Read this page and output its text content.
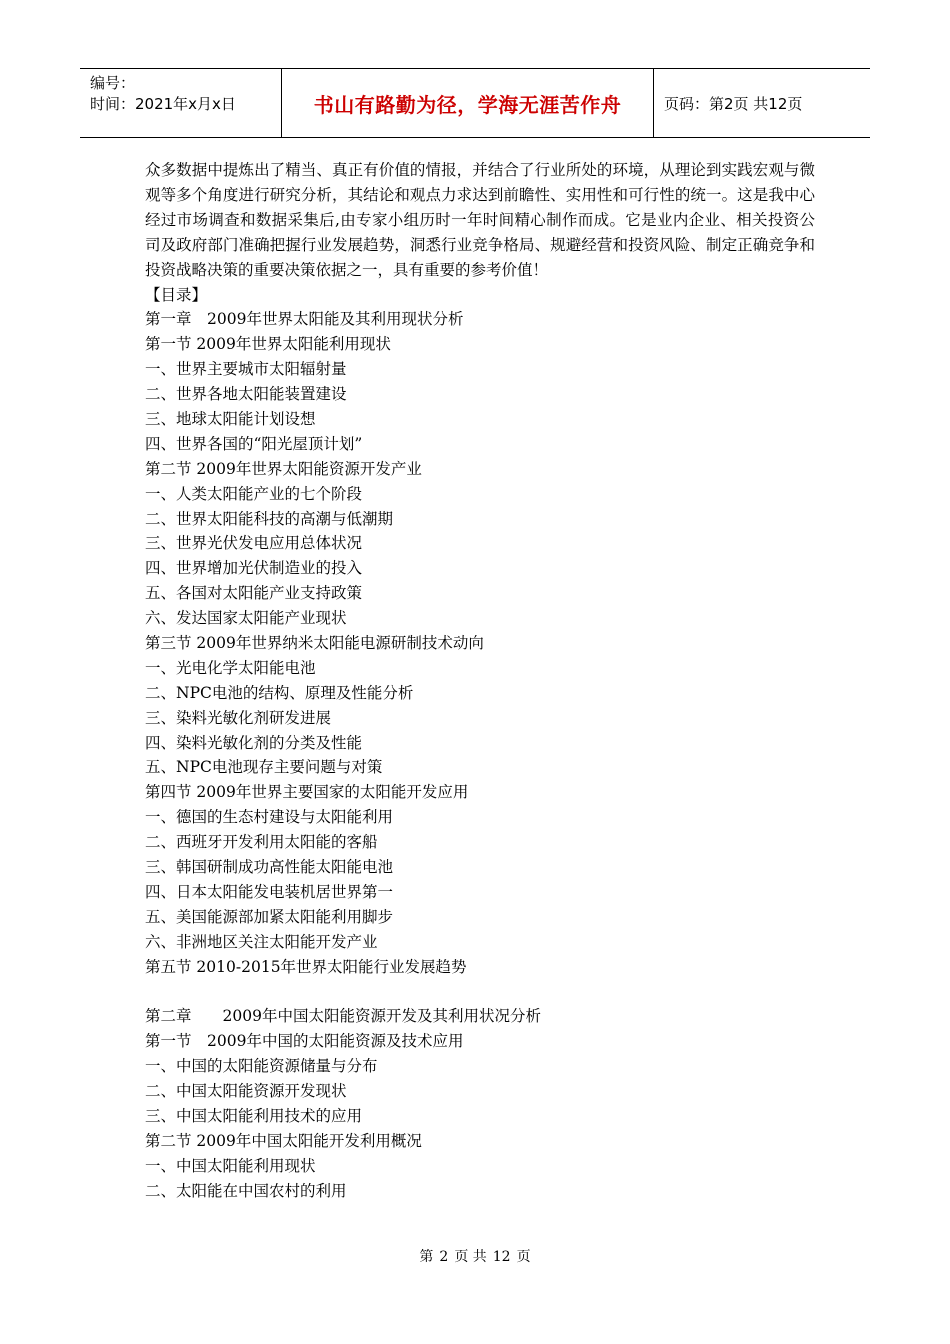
编号：
时间：2021年x月x日	书山有路勤为径，学海无涯苦作舟	页码：第2页 共12页

众多数据中提炼出了精当、真正有价值的情报，并结合了行业所处的环境，从理论到实践宏观与微观等多个角度进行研究分析，其结论和观点力求达到前瞻性、实用性和可行性的统一。这是我中心经过市场调查和数据采集后,由专家小组历时一年时间精心制作而成。它是业内企业、相关投资公司及政府部门准确把握行业发展趋势，洞悉行业竞争格局、规避经营和投资风险、制定正确竞争和投资战略决策的重要决策依据之一，具有重要的参考价值！

【目录】
第一章　2009年世界太阳能及其利用现状分析
第一节 2009年世界太阳能利用现状
一、世界主要城市太阳辐射量
二、世界各地太阳能装置建设
三、地球太阳能计划设想
四、世界各国的“阳光屋顶计划”
第二节 2009年世界太阳能资源开发产业
一、人类太阳能产业的七个阶段
二、世界太阳能科技的高潮与低潮期
三、世界光伏发电应用总体状况
四、世界增加光伏制造业的投入
五、各国对太阳能产业支持政策
六、发达国家太阳能产业现状
第三节 2009年世界纳米太阳能电源研制技术动向
一、光电化学太阳能电池
二、NPC电池的结构、原理及性能分析
三、染料光敏化剂研发进展
四、染料光敏化剂的分类及性能
五、NPC电池现存主要问题与对策
第四节 2009年世界主要国家的太阳能开发应用
一、德国的生态村建设与太阳能利用
二、西班牙开发利用太阳能的客船
三、韩国研制成功高性能太阳能电池
四、日本太阳能发电装机居世界第一
五、美国能源部加紧太阳能利用脚步
六、非洲地区关注太阳能开发产业
第五节 2010-2015年世界太阳能行业发展趋势
第二章　　2009年中国太阳能资源开发及其利用状况分析
第一节　2009年中国的太阳能资源及技术应用
一、中国的太阳能资源储量与分布
二、中国太阳能资源开发现状
三、中国太阳能利用技术的应用
第二节 2009年中国太阳能开发利用概况
一、中国太阳能利用现状
二、太阳能在中国农村的利用
第 2 页 共 12 页
